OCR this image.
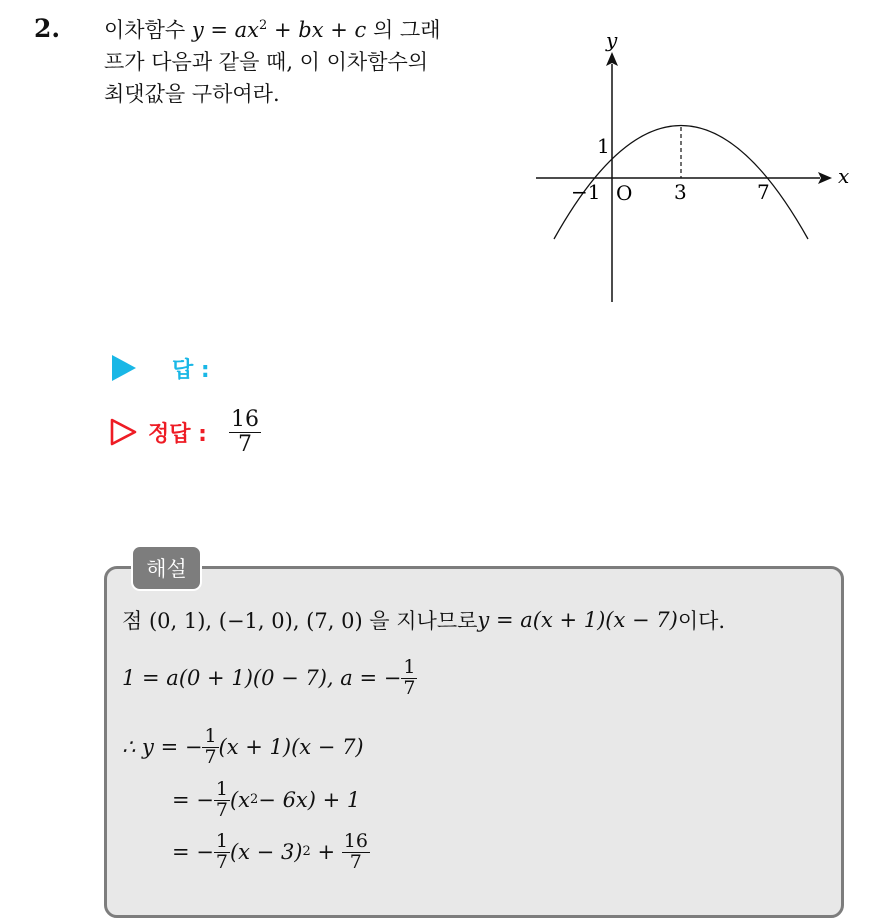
2. 이차함수 $y = ax^2$ + bx + c 의 그래
프가 다음과 같을 때, 이 이차함수의
최댓값을 구하여라.
y
x
1
−1 O 3	7
답 :
정답 : $\frac{16}{7}$
해설
점 (0, 1), (−1, 0), (7, 0) 을 지나므로 y = a(x + 1)(x − 7) 이다.
1 = a(0 + 1)(0 − 7), a = − $\frac{1}{7}$
∴ y = − $\frac{1}{7} (x + 1)(x - 7)$
= − $\frac{1}{7} (x$ 2 − 6x) + 1
= − $\frac{1}{7} (x - 3) 2 + \frac{16}{7}$
